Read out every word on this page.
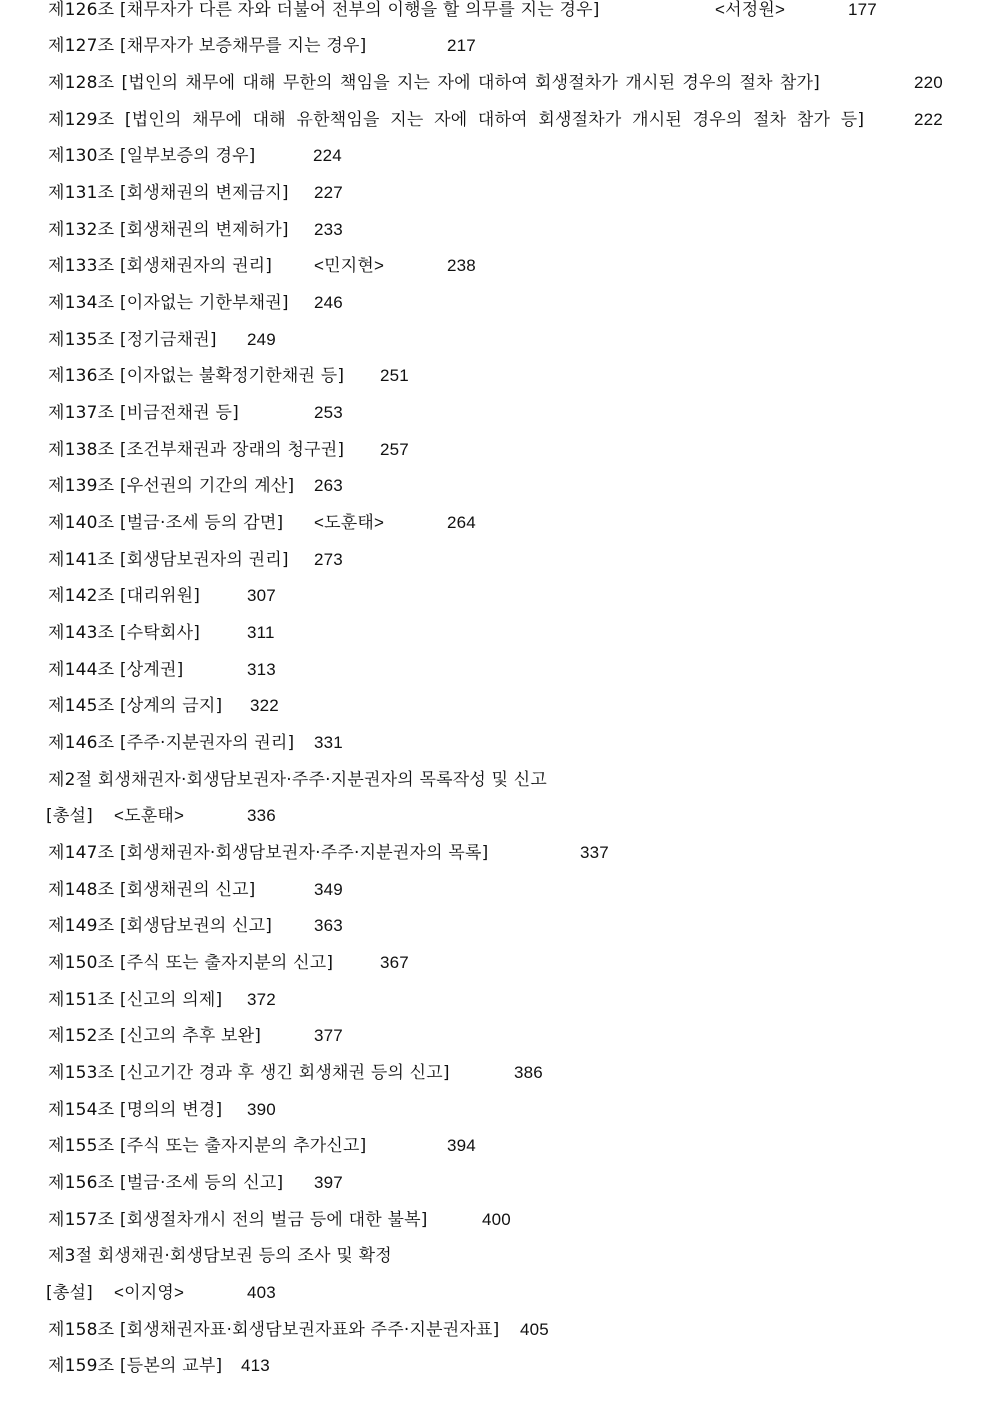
제126조 [채무자가 다른 자와 더불어 전부의 이행을 할 의무를 지는 경우]	<서정원>	177
제127조 [채무자가 보증채무를 지는 경우]	217
제128조 [법인의 채무에 대해 무한의 책임을 지는 자에 대하여 회생절차가 개시된 경우의 절차 참가]	220
제129조 [법인의 채무에 대해 유한책임을 지는 자에 대하여 회생절차가 개시된 경우의 절차 참가 등]	222
제130조 [일부보증의 경우]	224
제131조 [회생채권의 변제금지] 227
제132조 [회생채권의 변제허가] 233
제133조 [회생채권자의 권리] <민지현>	238
제134조 [이자없는 기한부채권] 246
제135조 [정기금채권] 249
제136조 [이자없는 불확정기한채권 등] 251
제137조 [비금전채권 등]	253
제138조 [조건부채권과 장래의 청구권] 257
제139조 [우선권의 기간의 계산] 263
제140조 [벌금·조세 등의 감면] <도훈태>	264
제141조 [회생담보권자의 권리] 273
제142조 [대리위원]	307
제143조 [수탁회사]	311
제144조 [상계권]	313
제145조 [상계의 금지] 322
제146조 [주주·지분권자의 권리] 331
제2절 회생채권자·회생담보권자·주주·지분권자의 목록작성 및 신고
[총설] <도훈태>	336
제147조 [회생채권자·회생담보권자·주주·지분권자의 목록]	337
제148조 [회생채권의 신고]	349
제149조 [회생담보권의 신고] 363
제150조 [주식 또는 출자지분의 신고]	367
제151조 [신고의 의제] 372
제152조 [신고의 추후 보완]	377
제153조 [신고기간 경과 후 생긴 회생채권 등의 신고]	386
제154조 [명의의 변경] 390
제155조 [주식 또는 출자지분의 추가신고]	394
제156조 [벌금·조세 등의 신고] 397
제157조 [회생절차개시 전의 벌금 등에 대한 불복]	400
제3절 회생채권·회생담보권 등의 조사 및 확정
[총설] <이지영>	403
제158조 [회생채권자표·회생담보권자표와 주주·지분권자표] 405
제159조 [등본의 교부] 413
